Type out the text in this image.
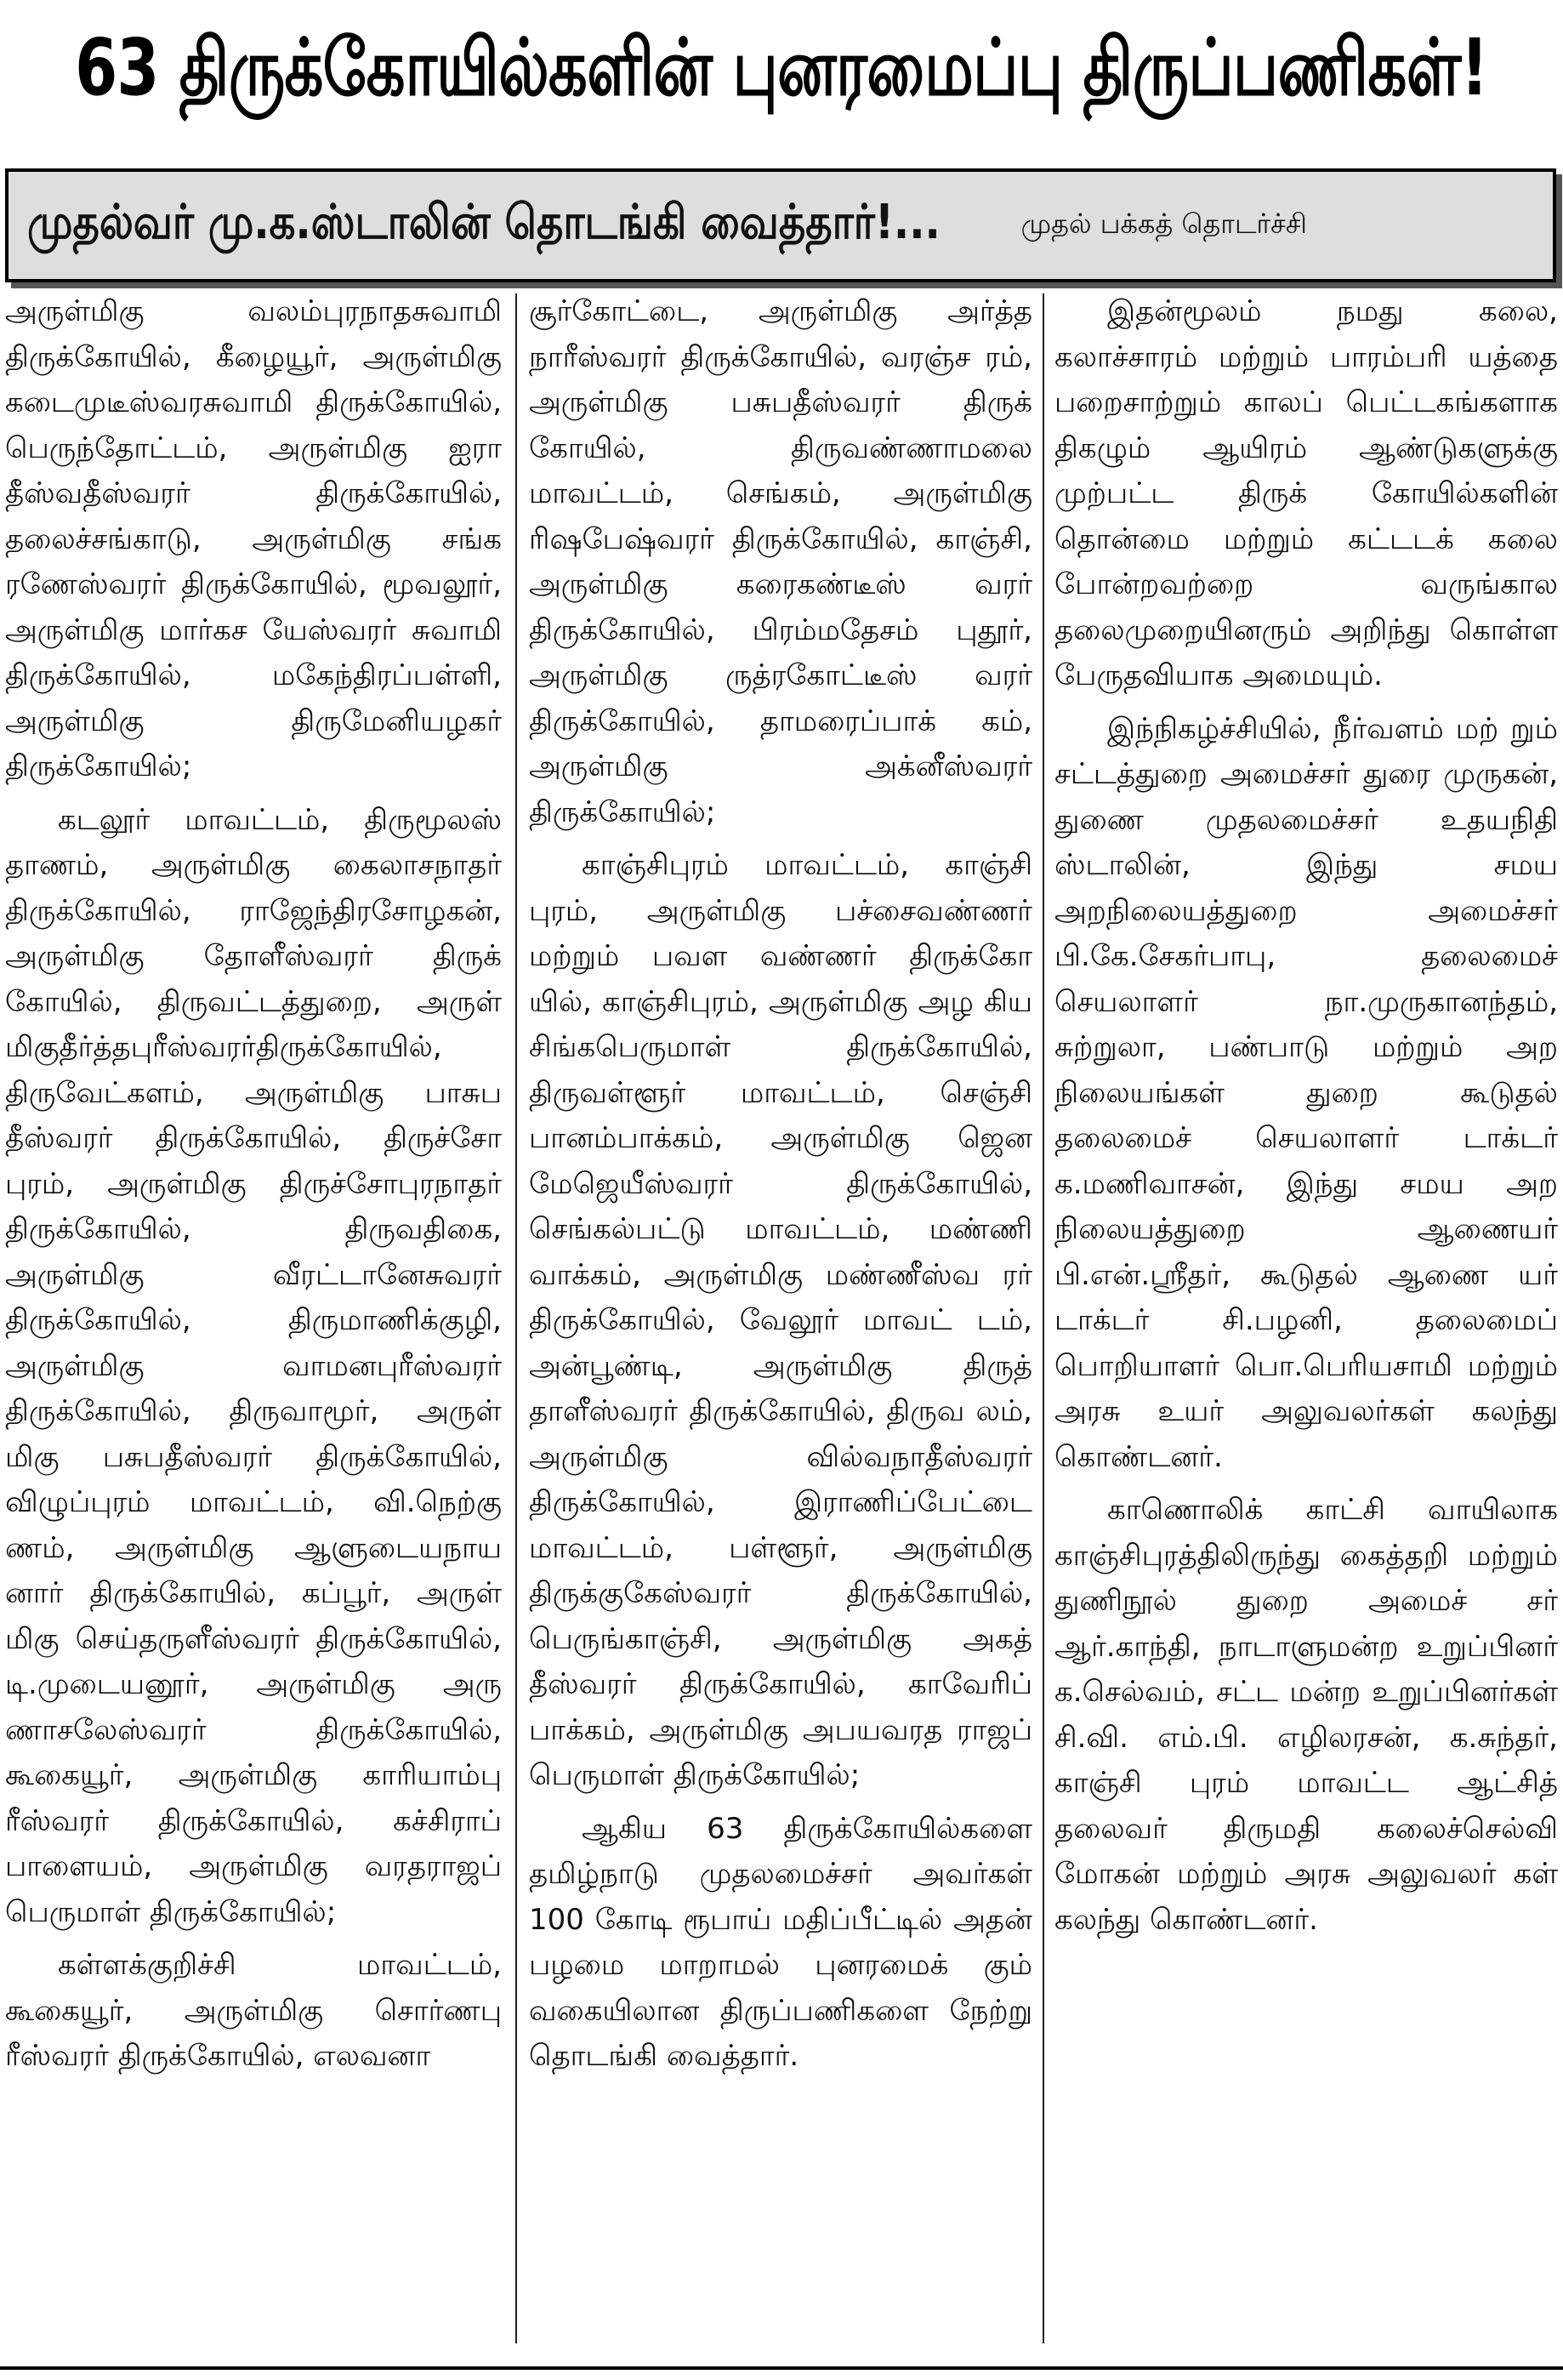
63 திருக்கோயில்களின் புனரமைப்பு திருப்பணிகள்!
முதல்வர் மு.க.ஸ்டாலின் தொடங்கி வைத்தார்!...	முதல் பக்கத் தொடர்ச்சி

அருள்மிகு வலம்புரநாதசுவாமி திருக்கோயில், கீழையூர், அருள்மிகு கடைமுடீஸ்வரசுவாமி திருக்கோயில், பெருந்தோட்டம், அருள்மிகு ஐரா தீஸ்வதீஸ்வரர் திருக்கோயில், தலைச்சங்காடு, அருள்மிகு சங்க ரணேஸ்வரர் திருக்கோயில், மூவலூர், அருள்மிகு மார்கச யேஸ்வரர் சுவாமி திருக்கோயில், மகேந்திரப்பள்ளி, அருள்மிகு திருமேனியழகர் திருக்கோயில்;

கடலூர் மாவட்டம், திருமூலஸ் தாணம், அருள்மிகு கைலாசநாதர் திருக்கோயில், ராஜேந்திரசோழகன், அருள்மிகு தோளீஸ்வரர் திருக் கோயில், திருவட்டத்துறை, அருள் மிகுதீர்த்தபுரீஸ்வரர்திருக்கோயில், திருவேட்களம், அருள்மிகு பாசுப தீஸ்வரர் திருக்கோயில், திருச்சோ புரம், அருள்மிகு திருச்சோபுரநாதர் திருக்கோயில், திருவதிகை, அருள்மிகு வீரட்டானேசுவரர் திருக்கோயில், திருமாணிக்குழி, அருள்மிகு வாமனபுரீஸ்வரர் திருக்கோயில், திருவாமூர், அருள் மிகு பசுபதீஸ்வரர் திருக்கோயில், விழுப்புரம் மாவட்டம், வி.நெற்கு ணம், அருள்மிகு ஆளுடையநாய னார் திருக்கோயில், கப்பூர், அருள் மிகு செய்தருளீஸ்வரர் திருக்கோயில், டி.முடையனூர், அருள்மிகு அரு ணாசலேஸ்வரர் திருக்கோயில், கூகையூர், அருள்மிகு காரியாம்பு ரீஸ்வரர் திருக்கோயில், கச்சிராப் பாளையம், அருள்மிகு வரதராஜப் பெருமாள் திருக்கோயில்;

கள்ளக்குறிச்சி மாவட்டம், கூகையூர், அருள்மிகு சொர்ணபு ரீஸ்வரர் திருக்கோயில், எலவனா

சூர்கோட்டை, அருள்மிகு அர்த்த நாரீஸ்வரர் திருக்கோயில், வரஞ்ச ரம், அருள்மிகு பசுபதீஸ்வரர் திருக் கோயில், திருவண்ணாமலை மாவட்டம், செங்கம், அருள்மிகு ரிஷபேஷ்வரர் திருக்கோயில், காஞ்சி, அருள்மிகு கரைகண்டீஸ் வரர் திருக்கோயில், பிரம்மதேசம் புதூர், அருள்மிகு ருத்ரகோட்டீஸ் வரர் திருக்கோயில், தாமரைப்பாக் கம், அருள்மிகு அக்னீஸ்வரர் திருக்கோயில்;

காஞ்சிபுரம் மாவட்டம், காஞ்சி புரம், அருள்மிகு பச்சைவண்ணர் மற்றும் பவள வண்ணர் திருக்கோ யில், காஞ்சிபுரம், அருள்மிகு அழ கிய சிங்கபெருமாள் திருக்கோயில், திருவள்ளூர் மாவட்டம், செஞ்சி பானம்பாக்கம், அருள்மிகு ஜென மேஜெயீஸ்வரர் திருக்கோயில், செங்கல்பட்டு மாவட்டம், மண்ணி வாக்கம், அருள்மிகு மண்ணீஸ்வ ரர் திருக்கோயில், வேலூர் மாவட் டம், அன்பூண்டி, அருள்மிகு திருத் தாளீஸ்வரர் திருக்கோயில், திருவ லம், அருள்மிகு வில்வநாதீஸ்வரர் திருக்கோயில், இராணிப்பேட்டை மாவட்டம், பள்ளூர், அருள்மிகு திருக்குகேஸ்வரர் திருக்கோயில், பெருங்காஞ்சி, அருள்மிகு அகத் தீஸ்வரர் திருக்கோயில், காவேரிப் பாக்கம், அருள்மிகு அபயவரத ராஜப் பெருமாள் திருக்கோயில்;

ஆகிய 63 திருக்கோயில்களை தமிழ்நாடு முதலமைச்சர் அவர்கள் 100 கோடி ரூபாய் மதிப்பீட்டில் அதன் பழமை மாறாமல் புனரமைக் கும் வகையிலான திருப்பணிகளை நேற்று தொடங்கி வைத்தார்.

இதன்மூலம் நமது கலை, கலாச்சாரம் மற்றும் பாரம்பரி யத்தை பறைசாற்றும் காலப் பெட்டகங்களாக திகழும் ஆயிரம் ஆண்டுகளுக்கு முற்பட்ட திருக் கோயில்களின் தொன்மை மற்றும் கட்டடக் கலை போன்றவற்றை வருங்கால தலைமுறையினரும் அறிந்து கொள்ள பேருதவியாக அமையும்.

இந்நிகழ்ச்சியில், நீர்வளம் மற் றும் சட்டத்துறை அமைச்சர் துரை முருகன், துணை முதலமைச்சர் உதயநிதி ஸ்டாலின், இந்து சமய அறநிலையத்துறை அமைச்சர் பி.கே.சேகர்பாபு, தலைமைச் செயலாளர் நா.முருகானந்தம், சுற்றுலா, பண்பாடு மற்றும் அற நிலையங்கள் துறை கூடுதல் தலைமைச் செயலாளர் டாக்டர் க.மணிவாசன், இந்து சமய அற நிலையத்துறை ஆணையர் பி.என்.ஸ்ரீதர், கூடுதல் ஆணை யர் டாக்டர் சி.பழனி, தலைமைப் பொறியாளர் பொ.பெரியசாமி மற்றும் அரசு உயர் அலுவலர்கள் கலந்து கொண்டனர்.

காணொலிக் காட்சி வாயிலாக காஞ்சிபுரத்திலிருந்து கைத்தறி மற்றும் துணிநூல் துறை அமைச் சர் ஆர்.காந்தி, நாடாளுமன்ற உறுப்பினர் க.செல்வம், சட்ட மன்ற உறுப்பினர்கள் சி.வி. எம்.பி. எழிலரசன், க.சுந்தர், காஞ்சி புரம் மாவட்ட ஆட்சித் தலைவர் திருமதி கலைச்செல்வி மோகன் மற்றும் அரசு அலுவலர் கள் கலந்து கொண்டனர்.
